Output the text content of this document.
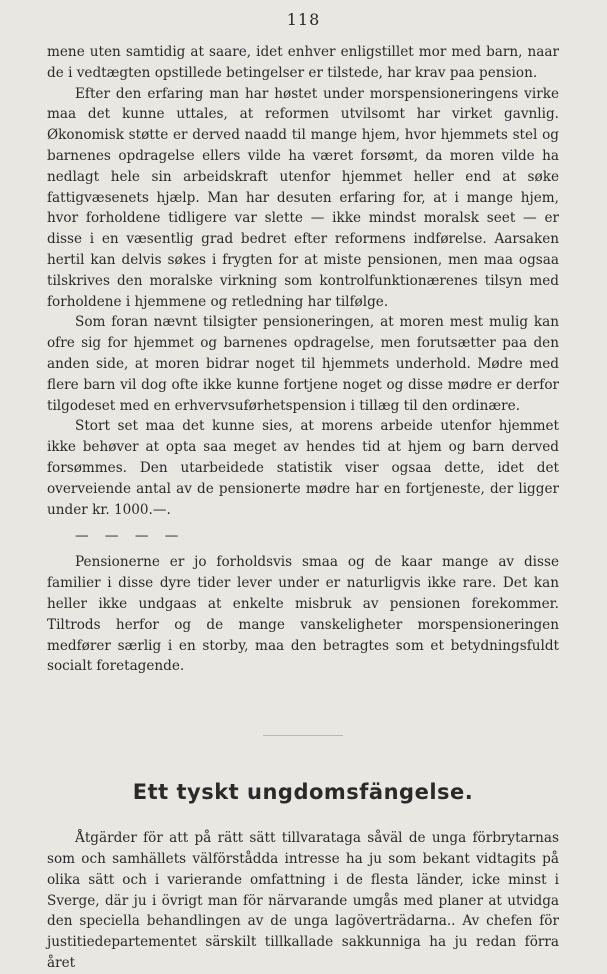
118

mene uten samtidig at saare, idet enhver enligstillet mor med barn, naar de i vedtægten opstillede betingelser er tilstede, har krav paa pension.

Efter den erfaring man har høstet under morspensioneringens virke maa det kunne uttales, at reformen utvilsomt har virket gavnlig. Økonomisk støtte er derved naadd til mange hjem, hvor hjemmets stel og barnenes opdragelse ellers vilde ha været forsømt, da moren vilde ha nedlagt hele sin arbeidskraft utenfor hjemmet heller end at søke fattigvæsenets hjælp. Man har desuten erfaring for, at i mange hjem, hvor forholdene tidligere var slette — ikke mindst moralsk seet — er disse i en væsentlig grad bedret efter reformens indførelse. Aarsaken hertil kan delvis søkes i frygten for at miste pensionen, men maa ogsaa tilskrives den moralske virkning som kontrolfunktionærenes tilsyn med forholdene i hjemmene og retledning har tilfølge.

Som foran nævnt tilsigter pensioneringen, at moren mest mulig kan ofre sig for hjemmet og barnenes opdragelse, men forutsætter paa den anden side, at moren bidrar noget til hjemmets underhold. Mødre med flere barn vil dog ofte ikke kunne fortjene noget og disse mødre er derfor tilgodeset med en erhvervsuførhetspension i tillæg til den ordinære.

Stort set maa det kunne sies, at morens arbeide utenfor hjemmet ikke behøver at opta saa meget av hendes tid at hjem og barn derved forsømmes. Den utarbeidede statistik viser ogsaa dette, idet det overveiende antal av de pensionerte mødre har en fortjeneste, der ligger under kr. 1000.—.

— — — —

Pensionerne er jo forholdsvis smaa og de kaar mange av disse familier i disse dyre tider lever under er naturligvis ikke rare. Det kan heller ikke undgaas at enkelte misbruk av pensionen forekommer. Tiltrods herfor og de mange vanskeligheter morspensioneringen medfører særlig i en storby, maa den betragtes som et betydningsfuldt socialt foretagende.

Ett tyskt ungdomsfängelse.

Åtgärder för att på rätt sätt tillvarataga såväl de unga förbrytarnas som och samhällets välförstådda intresse ha ju som bekant vidtagits på olika sätt och i varierande omfattning i de flesta länder, icke minst i Sverge, där ju i övrigt man för närvarande umgås med planer at utvidga den speciella behandlingen av de unga lagöverträdarna.. Av chefen för justitiedepartementet särskilt tillkallade sakkunniga ha ju redan förra året
